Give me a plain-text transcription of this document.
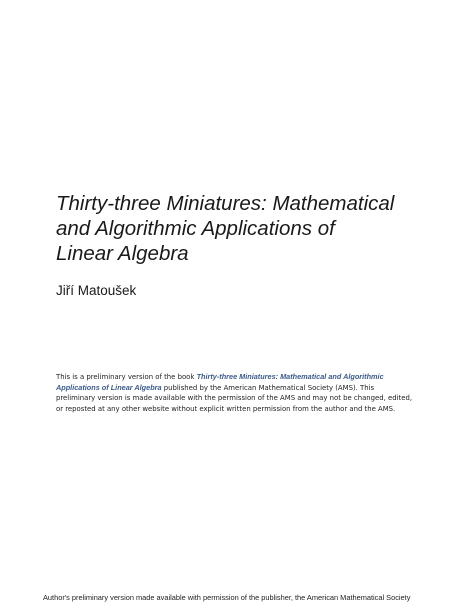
Thirty-three Miniatures: Mathematical
and Algorithmic Applications of
Linear Algebra
Jiří Matoušek
This is a preliminary version of the book Thirty-three Miniatures: Mathematical and Algorithmic
Applications of Linear Algebra published by the American Mathematical Society (AMS). This
preliminary version is made available with the permission of the AMS and may not be changed, edited,
or reposted at any other website without explicit written permission from the author and the AMS.
Author's preliminary version made available with permission of the publisher, the American Mathematical Society
